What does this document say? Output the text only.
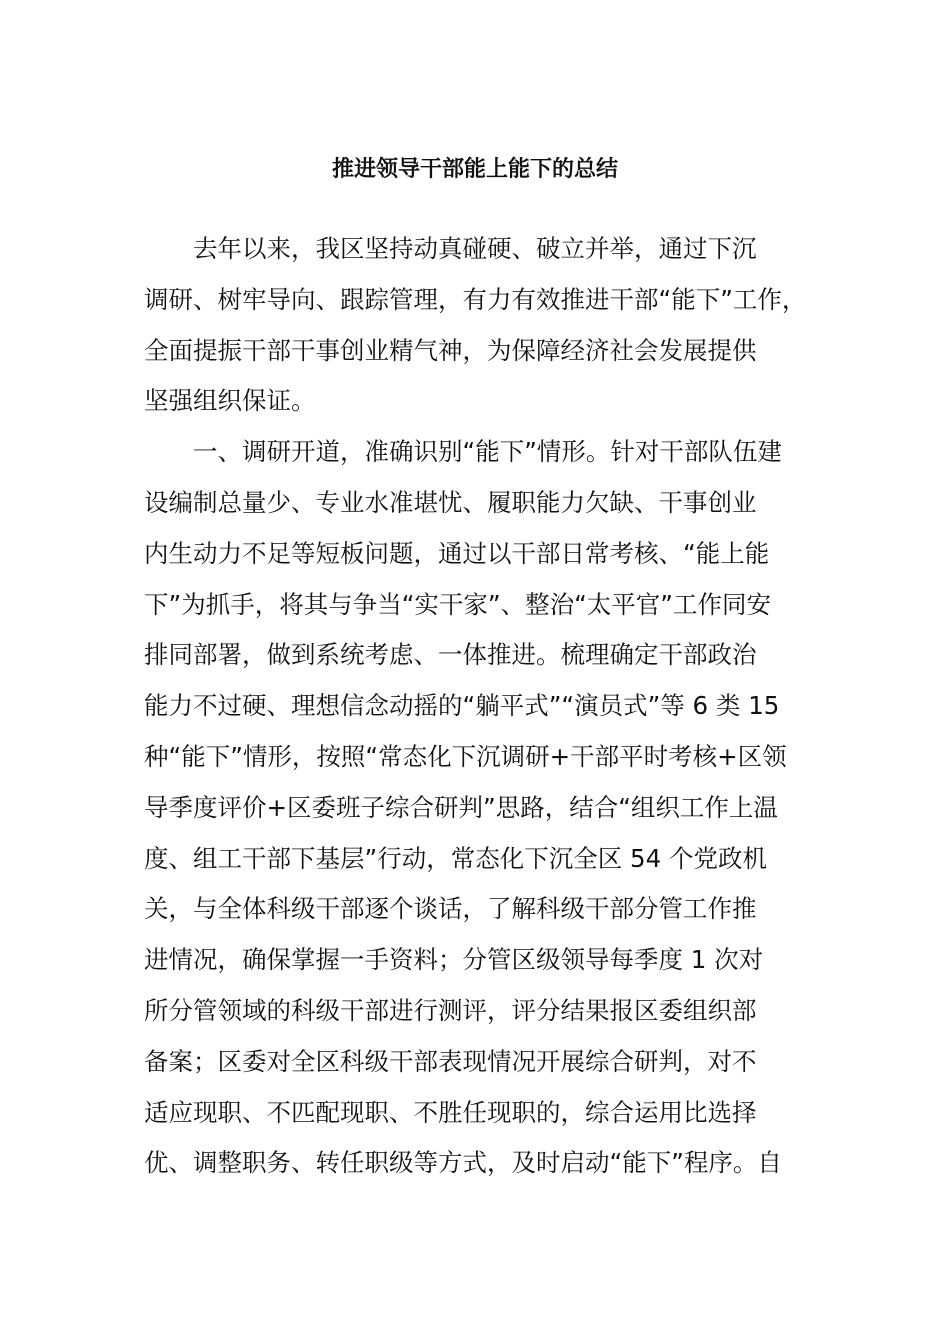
推进领导干部能上能下的总结
去年以来，我区坚持动真碰硬、破立并举，通过下沉
调研、树牢导向、跟踪管理，有力有效推进干部“能下”工作，
全面提振干部干事创业精气神，为保障经济社会发展提供
坚强组织保证。
一、调研开道，准确识别“能下”情形。针对干部队伍建
设编制总量少、专业水准堪忧、履职能力欠缺、干事创业
内生动力不足等短板问题，通过以干部日常考核、“能上能
下”为抓手，将其与争当“实干家”、整治“太平官”工作同安
排同部署，做到系统考虑、一体推进。梳理确定干部政治
能力不过硬、理想信念动摇的“躺平式”“演员式”等 6 类 15
种“能下”情形，按照“常态化下沉调研+干部平时考核+区领
导季度评价+区委班子综合研判”思路，结合“组织工作上温
度、组工干部下基层”行动，常态化下沉全区 54 个党政机
关，与全体科级干部逐个谈话，了解科级干部分管工作推
进情况，确保掌握一手资料；分管区级领导每季度 1 次对
所分管领域的科级干部进行测评，评分结果报区委组织部
备案；区委对全区科级干部表现情况开展综合研判，对不
适应现职、不匹配现职、不胜任现职的，综合运用比选择
优、调整职务、转任职级等方式，及时启动“能下”程序。自
